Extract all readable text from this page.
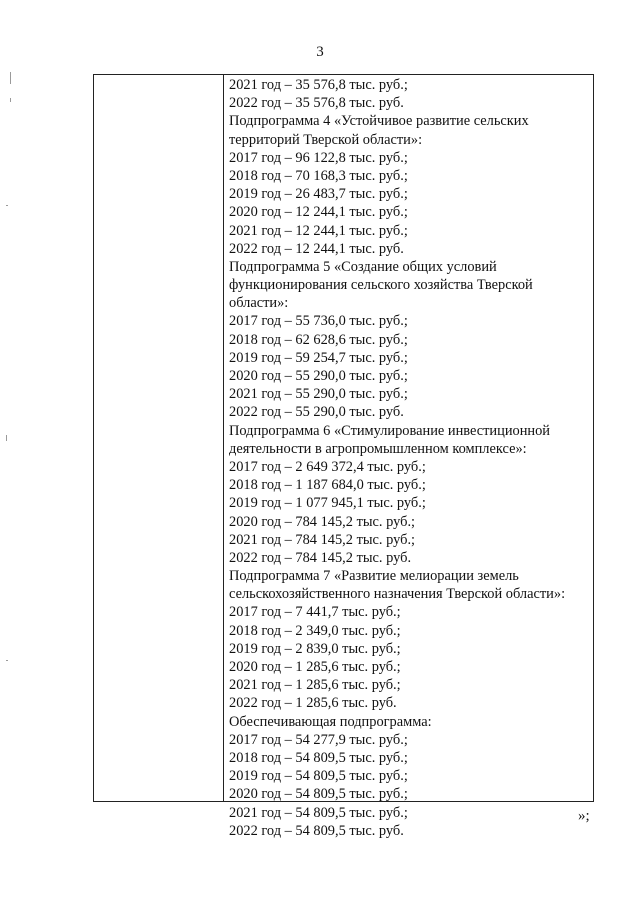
3
2021 год – 35 576,8 тыс. руб.;
2022 год – 35 576,8 тыс. руб.
Подпрограмма 4 «Устойчивое развитие сельских
территорий Тверской области»:
2017 год – 96 122,8 тыс. руб.;
2018 год – 70 168,3 тыс. руб.;
2019 год – 26 483,7 тыс. руб.;
2020 год – 12 244,1 тыс. руб.;
2021 год – 12 244,1 тыс. руб.;
2022 год – 12 244,1 тыс. руб.
Подпрограмма 5 «Создание общих условий
функционирования сельского хозяйства Тверской
области»:
2017 год – 55 736,0 тыс. руб.;
2018 год – 62 628,6 тыс. руб.;
2019 год – 59 254,7 тыс. руб.;
2020 год – 55 290,0 тыс. руб.;
2021 год – 55 290,0 тыс. руб.;
2022 год – 55 290,0 тыс. руб.
Подпрограмма 6 «Стимулирование инвестиционной
деятельности в агропромышленном комплексе»:
2017 год – 2 649 372,4 тыс. руб.;
2018 год – 1 187 684,0 тыс. руб.;
2019 год – 1 077 945,1 тыс. руб.;
2020 год – 784 145,2 тыс. руб.;
2021 год – 784 145,2 тыс. руб.;
2022 год – 784 145,2 тыс. руб.
Подпрограмма 7 «Развитие мелиорации земель
сельскохозяйственного назначения Тверской области»:
2017 год – 7 441,7 тыс. руб.;
2018 год – 2 349,0 тыс. руб.;
2019 год – 2 839,0 тыс. руб.;
2020 год – 1 285,6 тыс. руб.;
2021 год – 1 285,6 тыс. руб.;
2022 год – 1 285,6 тыс. руб.
Обеспечивающая подпрограмма:
2017 год – 54 277,9 тыс. руб.;
2018 год – 54 809,5 тыс. руб.;
2019 год – 54 809,5 тыс. руб.;
2020 год – 54 809,5 тыс. руб.;
2021 год – 54 809,5 тыс. руб.;
2022 год – 54 809,5 тыс. руб.
»;
